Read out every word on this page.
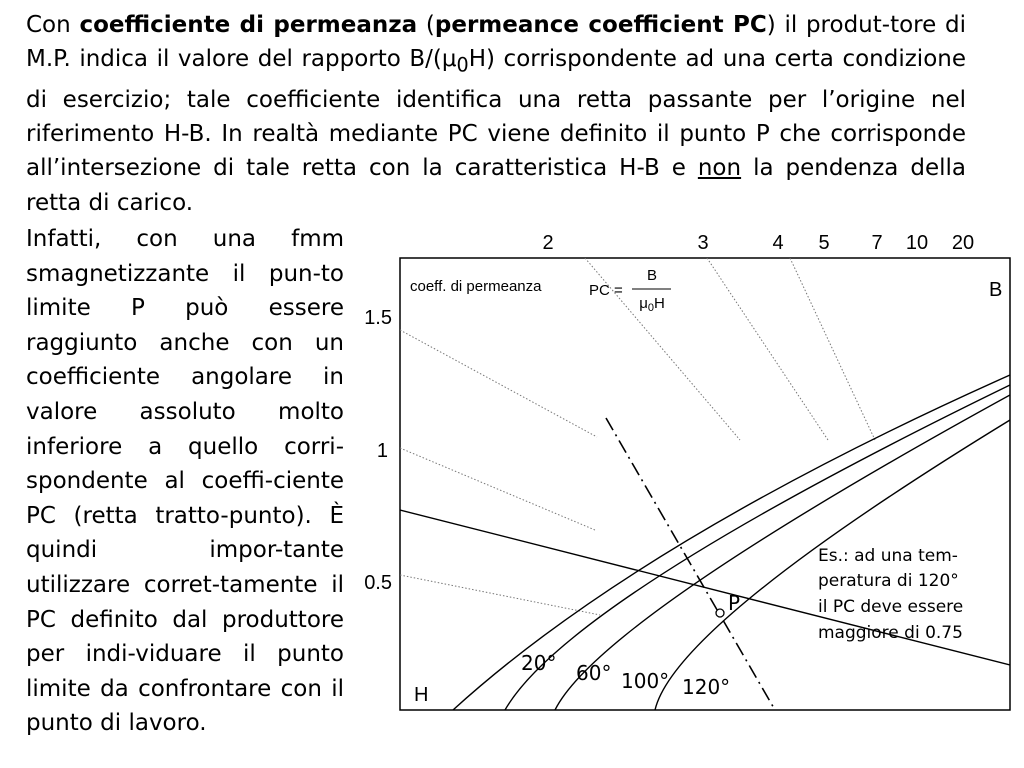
Con coefficiente di permeanza (permeance coefficient PC) il produt-tore di M.P. indica il valore del rapporto $B/(\mu_0H)$ corrispondente ad una certa condizione di esercizio; tale coefficiente identifica una retta passante per l’origine nel riferimento H-B. In realtà mediante PC viene definito il punto P che corrisponde all’intersezione di tale retta con la caratteristica H-B e non la pendenza della retta di carico.

Infatti, con una fmm smagnetizzante il pun-to limite P può essere raggiunto anche con un coefficiente angolare in valore assoluto molto inferiore a quello corri-spondente al coeffi-ciente PC (retta tratto-punto). È quindi impor-tante utilizzare corret-tamente il PC definito dal produttore per indi-viduare il punto limite da confrontare con il punto di lavoro.

2	3	4 5 7 10 20
1.5
1
0.5
P
B
H
coeff. di permeanza	PC =
B
$\mu_0H$
20° 60° 100° 120°
Es.: ad una tem-
peratura di 120°
il PC deve essere
maggiore di 0.75
